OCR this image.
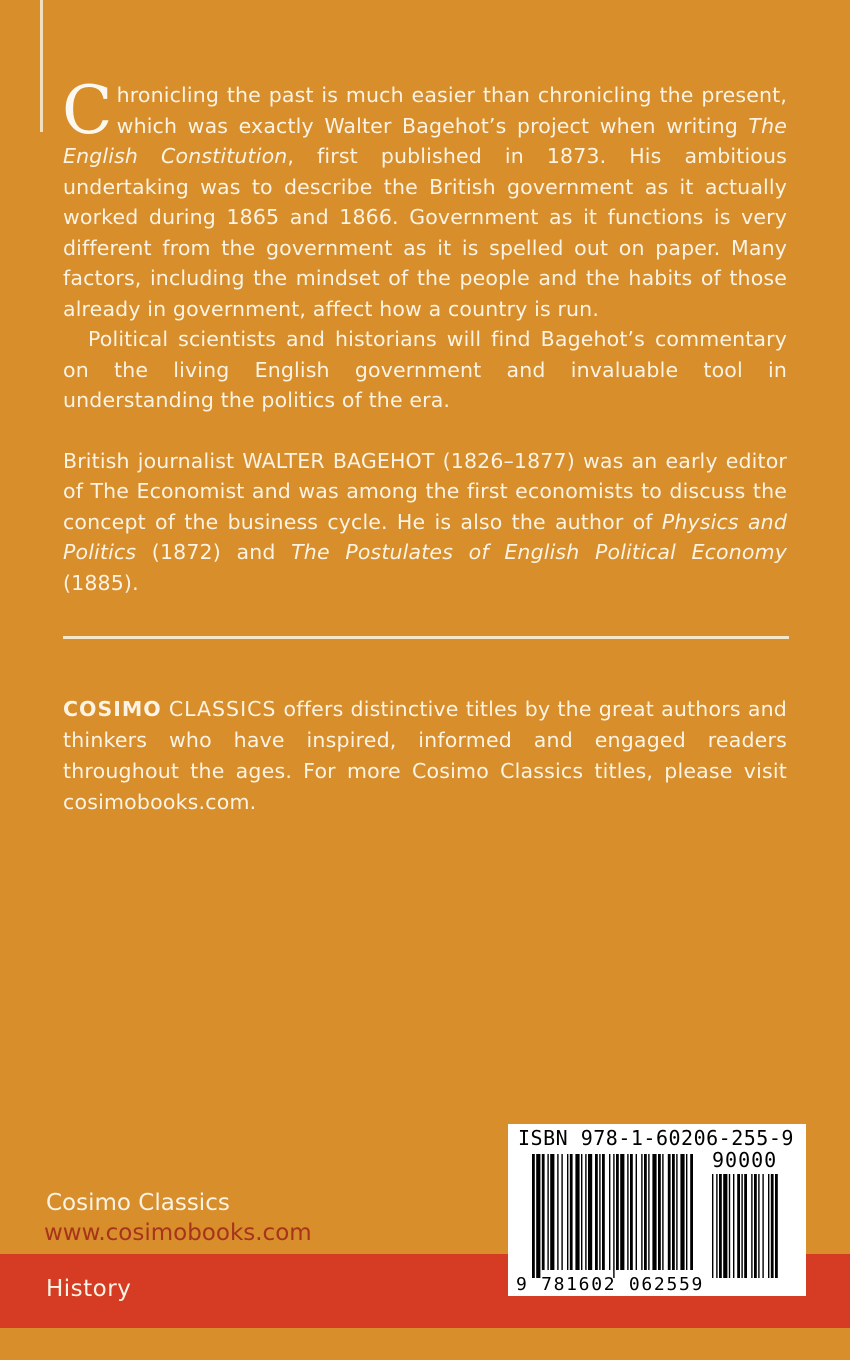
Chronicling the past is much easier than chronicling the present, which was exactly Walter Bagehot’s project when writing The English Constitution, first published in 1873. His ambitious undertaking was to describe the British government as it actually worked during 1865 and 1866. Government as it functions is very different from the government as it is spelled out on paper. Many factors, including the mindset of the people and the habits of those already in government, affect how a country is run.

Political scientists and historians will find Bagehot’s commentary on the living English government and invaluable tool in understanding the politics of the era.

British journalist WALTER BAGEHOT (1826–1877) was an early editor of The Economist and was among the first economists to discuss the concept of the business cycle. He is also the author of Physics and Politics (1872) and The Postulates of English Political Economy (1885).

COSIMO CLASSICS offers distinctive titles by the great authors and thinkers who have inspired, informed and engaged readers throughout the ages. For more Cosimo Classics titles, please visit cosimobooks.com.

Cosimo Classics
www.cosimobooks.com
History
ISBN 978-1-60206-255-9
90000
9 781602 062559
